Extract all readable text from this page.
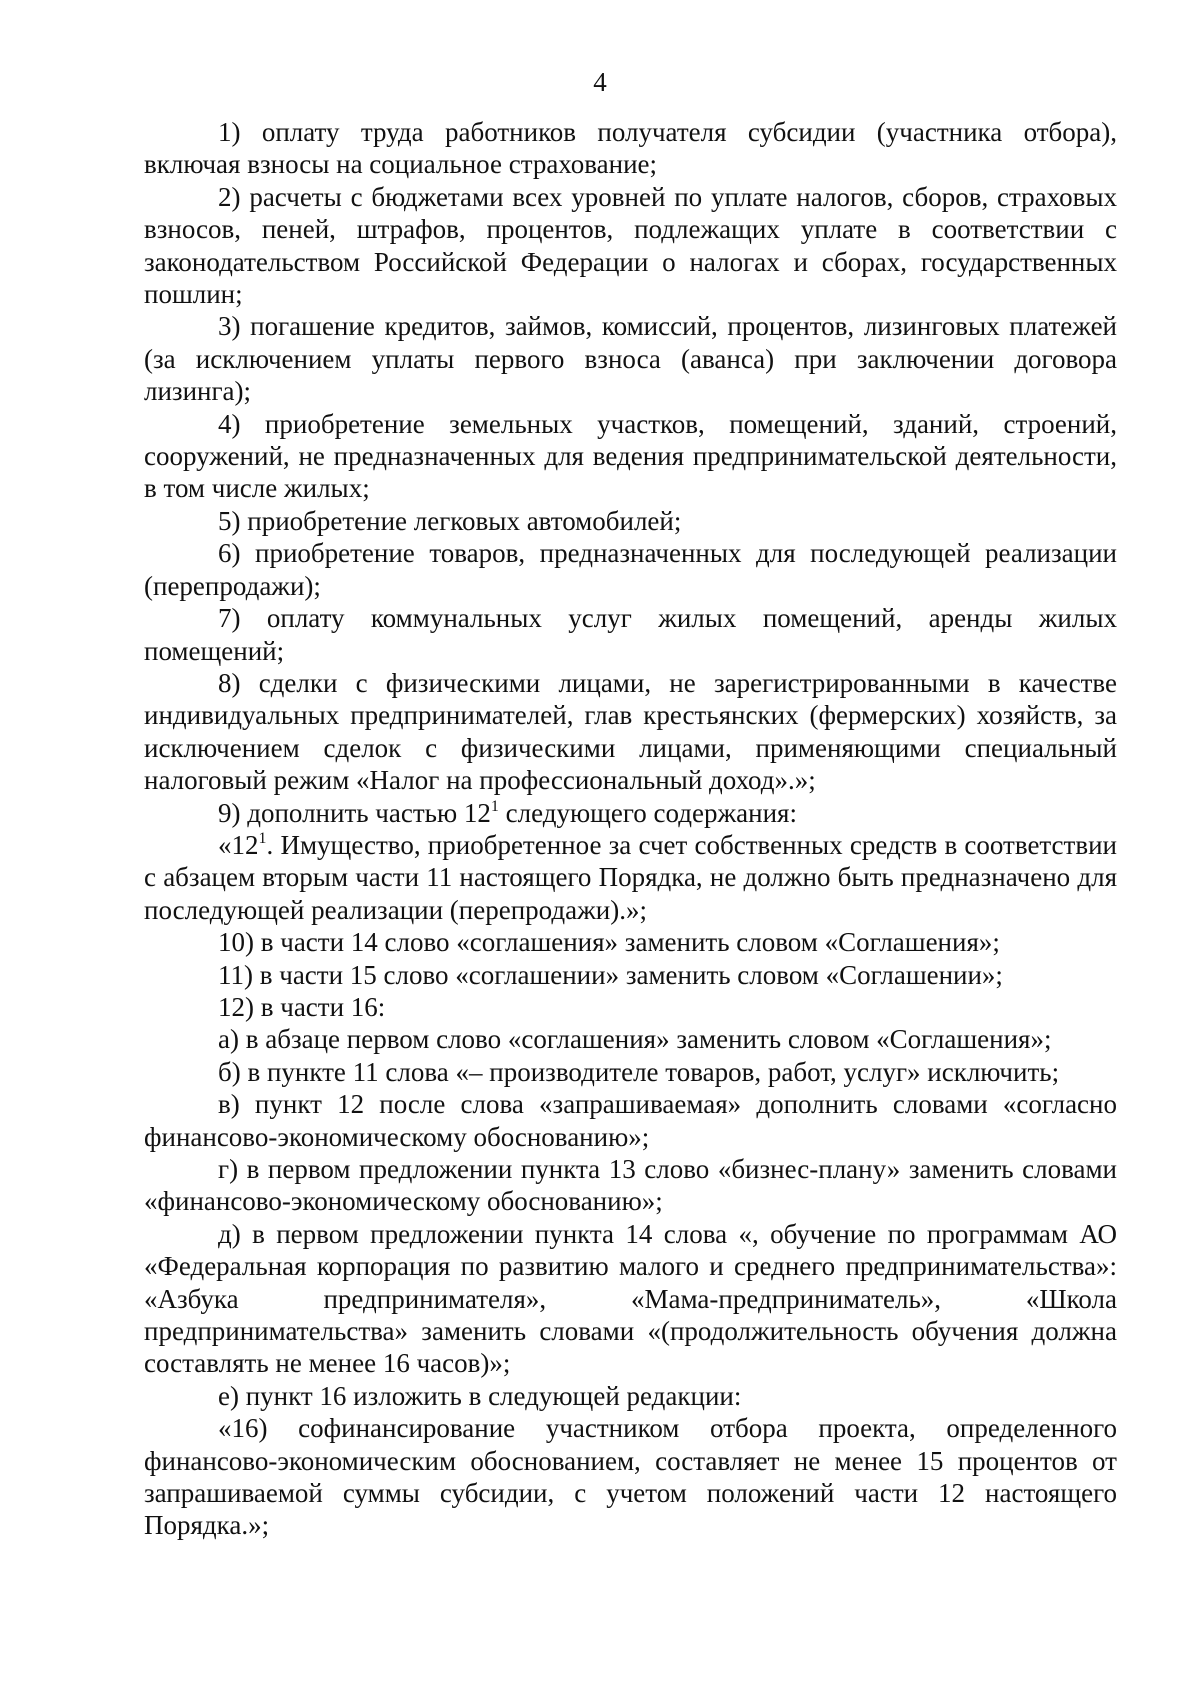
4

1) оплату труда работников получателя субсидии (участника отбора), включая взносы на социальное страхование;

2) расчеты с бюджетами всех уровней по уплате налогов, сборов, страховых взносов, пеней, штрафов, процентов, подлежащих уплате в соответствии с законодательством Российской Федерации о налогах и сборах, государственных пошлин;

3) погашение кредитов, займов, комиссий, процентов, лизинговых платежей (за исключением уплаты первого взноса (аванса) при заключении договора лизинга);

4) приобретение земельных участков, помещений, зданий, строений, сооружений, не предназначенных для ведения предпринимательской деятельности, в том числе жилых;

5) приобретение легковых автомобилей;

6) приобретение товаров, предназначенных для последующей реализации (перепродажи);

7) оплату коммунальных услуг жилых помещений, аренды жилых помещений;

8) сделки с физическими лицами, не зарегистрированными в качестве индивидуальных предпринимателей, глав крестьянских (фермерских) хозяйств, за исключением сделок с физическими лицами, применяющими специальный налоговый режим «Налог на профессиональный доход».»;

9) дополнить частью $12^1$ следующего содержания:

«$12^1$. Имущество, приобретенное за счет собственных средств в соответствии с абзацем вторым части 11 настоящего Порядка, не должно быть предназначено для последующей реализации (перепродажи).»;

10) в части 14 слово «соглашения» заменить словом «Соглашения»;

11) в части 15 слово «соглашении» заменить словом «Соглашении»;

12) в части 16:

а) в абзаце первом слово «соглашения» заменить словом «Соглашения»;

б) в пункте 11 слова «– производителе товаров, работ, услуг» исключить;

в) пункт 12 после слова «запрашиваемая» дополнить словами «согласно финансово-экономическому обоснованию»;

г) в первом предложении пункта 13 слово «бизнес-плану» заменить словами «финансово-экономическому обоснованию»;

д) в первом предложении пункта 14 слова «, обучение по программам АО «Федеральная корпорация по развитию малого и среднего предпринимательства»: «Азбука предпринимателя», «Мама-предприниматель», «Школа предпринимательства» заменить словами «(продолжительность обучения должна составлять не менее 16 часов)»;

е) пункт 16 изложить в следующей редакции:

«16) софинансирование участником отбора проекта, определенного финансово-экономическим обоснованием, составляет не менее 15 процентов от запрашиваемой суммы субсидии, с учетом положений части 12 настоящего Порядка.»;
